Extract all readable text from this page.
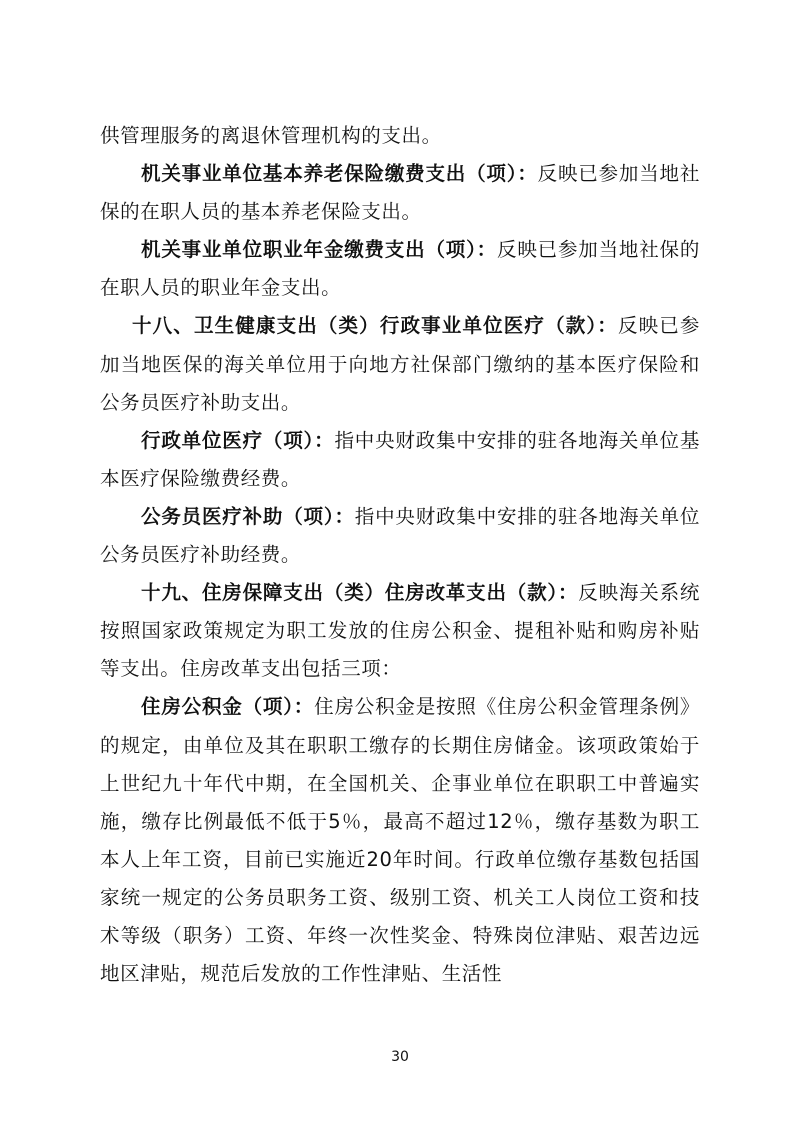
供管理服务的离退休管理机构的支出。

机关事业单位基本养老保险缴费支出（项）：反映已参加当地社保的在职人员的基本养老保险支出。

机关事业单位职业年金缴费支出（项）：反映已参加当地社保的在职人员的职业年金支出。

十八、卫生健康支出（类）行政事业单位医疗（款）：反映已参加当地医保的海关单位用于向地方社保部门缴纳的基本医疗保险和公务员医疗补助支出。

行政单位医疗（项）：指中央财政集中安排的驻各地海关单位基本医疗保险缴费经费。

公务员医疗补助（项）：指中央财政集中安排的驻各地海关单位公务员医疗补助经费。

十九、住房保障支出（类）住房改革支出（款）：反映海关系统按照国家政策规定为职工发放的住房公积金、提租补贴和购房补贴等支出。住房改革支出包括三项：

住房公积金（项）：住房公积金是按照《住房公积金管理条例》的规定，由单位及其在职职工缴存的长期住房储金。该项政策始于上世纪九十年代中期，在全国机关、企事业单位在职职工中普遍实施，缴存比例最低不低于5％，最高不超过12％，缴存基数为职工本人上年工资，目前已实施近20年时间。行政单位缴存基数包括国家统一规定的公务员职务工资、级别工资、机关工人岗位工资和技术等级（职务）工资、年终一次性奖金、特殊岗位津贴、艰苦边远地区津贴，规范后发放的工作性津贴、生活性

30
